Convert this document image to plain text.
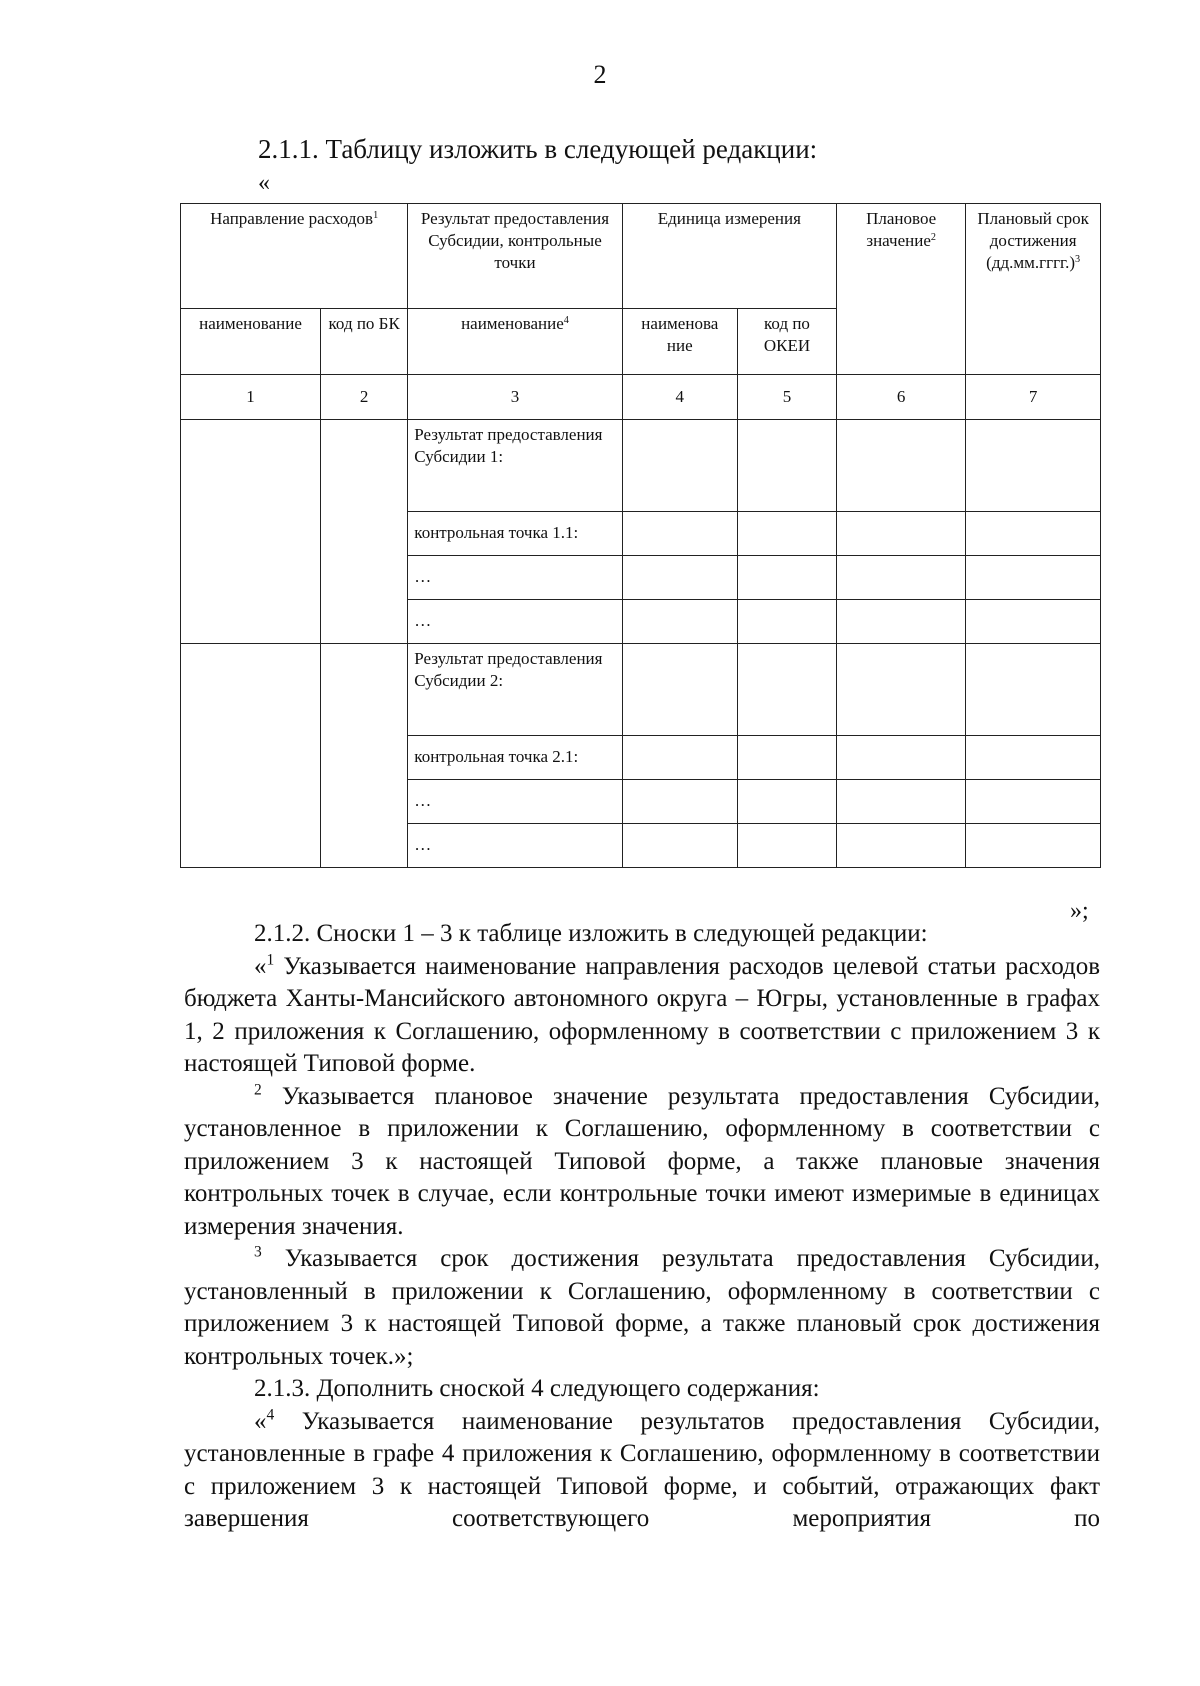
2
2.1.1. Таблицу изложить в следующей редакции:
«
Направление расходов$^1$		Результат предоставления Субсидии, контрольные точки	Единица измерения		Плановое значение$^2$	Плановый срок достижения (дд.мм.гггг.)$^3$
наименование	код по БК	наименование$^4$	наименова ние	код по ОКЕИ		
1	2	3	4	5	6	7
		Результат предоставления Субсидии 1:				
		контрольная точка 1.1:				
		…				
		…				
		Результат предоставления Субсидии 2:				
		контрольная точка 2.1:				
		…				
		…				
»;

2.1.2. Сноски 1 – 3 к таблице изложить в следующей редакции:

«$^1$ Указывается наименование направления расходов целевой статьи расходов бюджета Ханты-Мансийского автономного округа – Югры, установленные в графах 1, 2 приложения к Соглашению, оформленному в соответствии с приложением 3 к настоящей Типовой форме.

$^2$ Указывается плановое значение результата предоставления Субсидии, установленное в приложении к Соглашению, оформленному в соответствии с приложением 3 к настоящей Типовой форме, а также плановые значения контрольных точек в случае, если контрольные точки имеют измеримые в единицах измерения значения.

$^3$ Указывается срок достижения результата предоставления Субсидии, установленный в приложении к Соглашению, оформленному в соответствии с приложением 3 к настоящей Типовой форме, а также плановый срок достижения контрольных точек.»;

2.1.3. Дополнить сноской 4 следующего содержания:

«$^4$ Указывается наименование результатов предоставления Субсидии, установленные в графе 4 приложения к Соглашению, оформленному в соответствии с приложением 3 к настоящей Типовой форме, и событий, отражающих факт завершения соответствующего мероприятия по
